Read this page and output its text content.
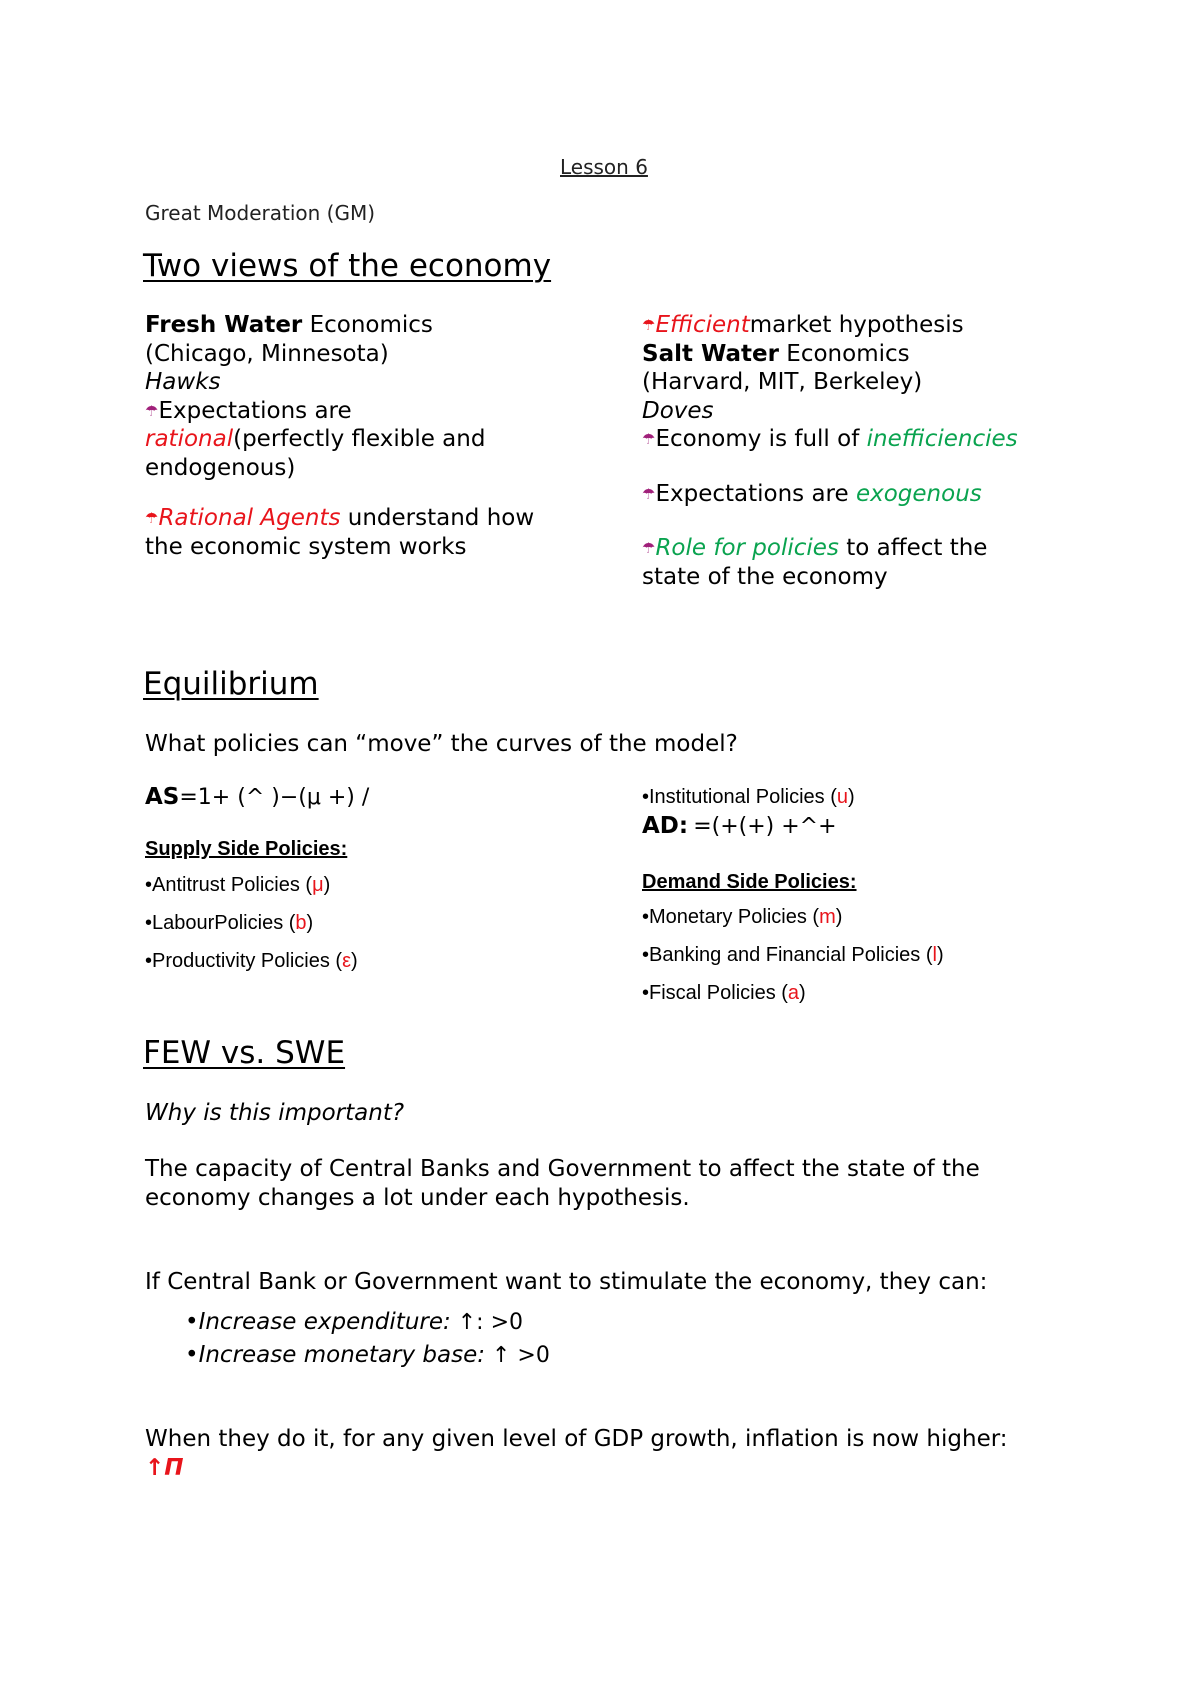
Lesson 6
Great Moderation (GM)
Two views of the economy
Fresh Water Economics
(Chicago, Minnesota)
Hawks
☂Expectations are
rational(perfectly flexible and
endogenous)
☂Rational Agents understand how
the economic system works
☂Efficientmarket hypothesis
Salt Water Economics
(Harvard, MIT, Berkeley)
Doves
☂Economy is full of inefficiencies
☂Expectations are exogenous
☂Role for policies to affect the
state of the economy
Equilibrium
What policies can “move” the curves of the model?
AS=1+ (^ )−(μ +) /
Supply Side Policies:
•Antitrust Policies (μ)
•LabourPolicies (b)
•Productivity Policies (ε)
•Institutional Policies (u)
AD: =(+(+) +^+
Demand Side Policies:
•Monetary Policies (m)
•Banking and Financial Policies (l)
•Fiscal Policies (a)
FEW vs. SWE
Why is this important?
The capacity of Central Banks and Government to affect the state of the
economy changes a lot under each hypothesis.
If Central Bank or Government want to stimulate the economy, they can:
•Increase expenditure: ↑: >0
•Increase monetary base: ↑ >0
When they do it, for any given level of GDP growth, inflation is now higher:
↑Π
